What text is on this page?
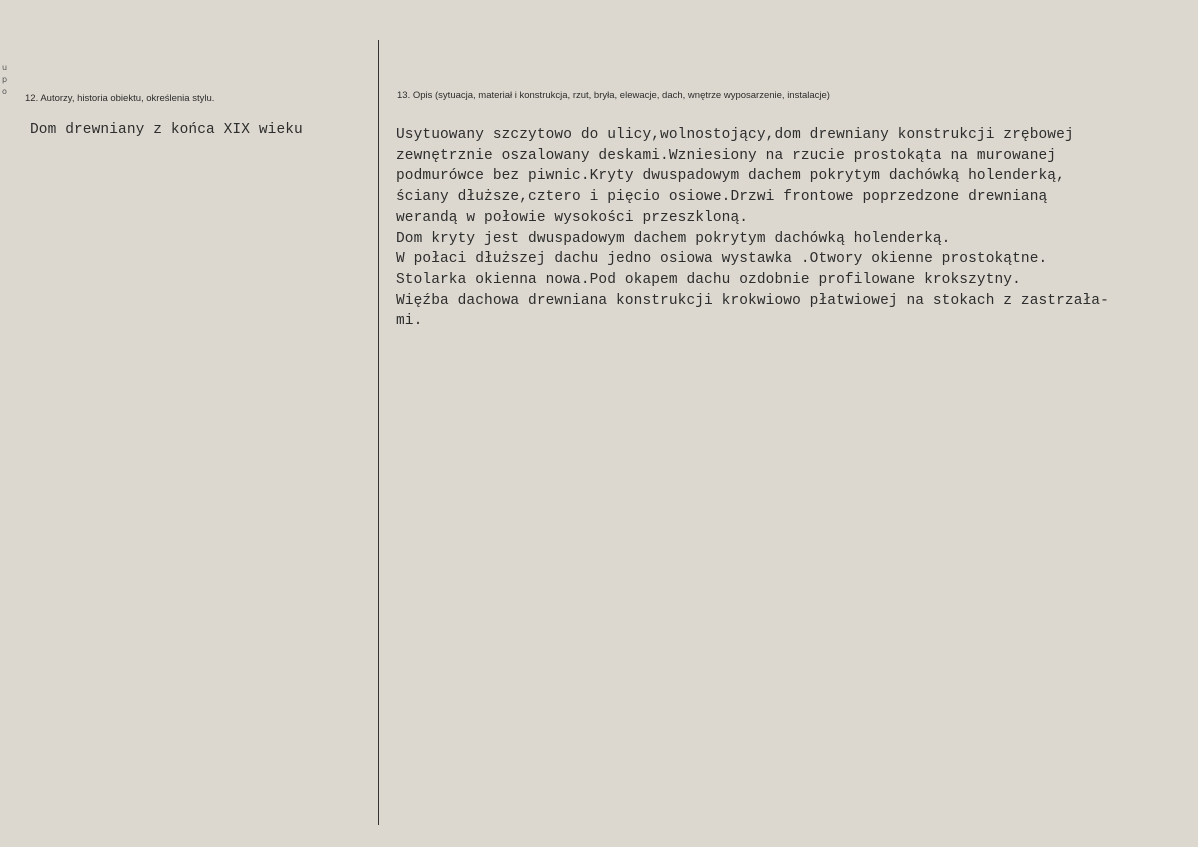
u
p
o
12. Autorzy, historia obiektu, określenia stylu.
Dom drewniany z końca XIX wieku
13. Opis (sytuacja, materiał i konstrukcja, rzut, bryła, elewacje, dach, wnętrze wyposarzenie, instalacje)
Usytuowany szczytowo do ulicy,wolnostojący,dom drewniany konstrukcji zrębowej
zewnętrznie oszalowany deskami.Wzniesiony na rzucie prostokąta na murowanej
podmurówce bez piwnic.Kryty dwuspadowym dachem pokrytym dachówką holenderką,
ściany dłuższe,cztero i pięcio osiowe.Drzwi frontowe poprzedzone drewnianą
werandą w połowie wysokości przeszkloną.
Dom kryty jest dwuspadowym dachem pokrytym dachówką holenderką.
W połaci dłuższej dachu jedno osiowa wystawka .Otwory okienne prostokątne.
Stolarka okienna nowa.Pod okapem dachu ozdobnie profilowane krokszytny.
Więźba dachowa drewniana konstrukcji krokwiowo płatwiowej na stokach z zastrzała-
mi.
